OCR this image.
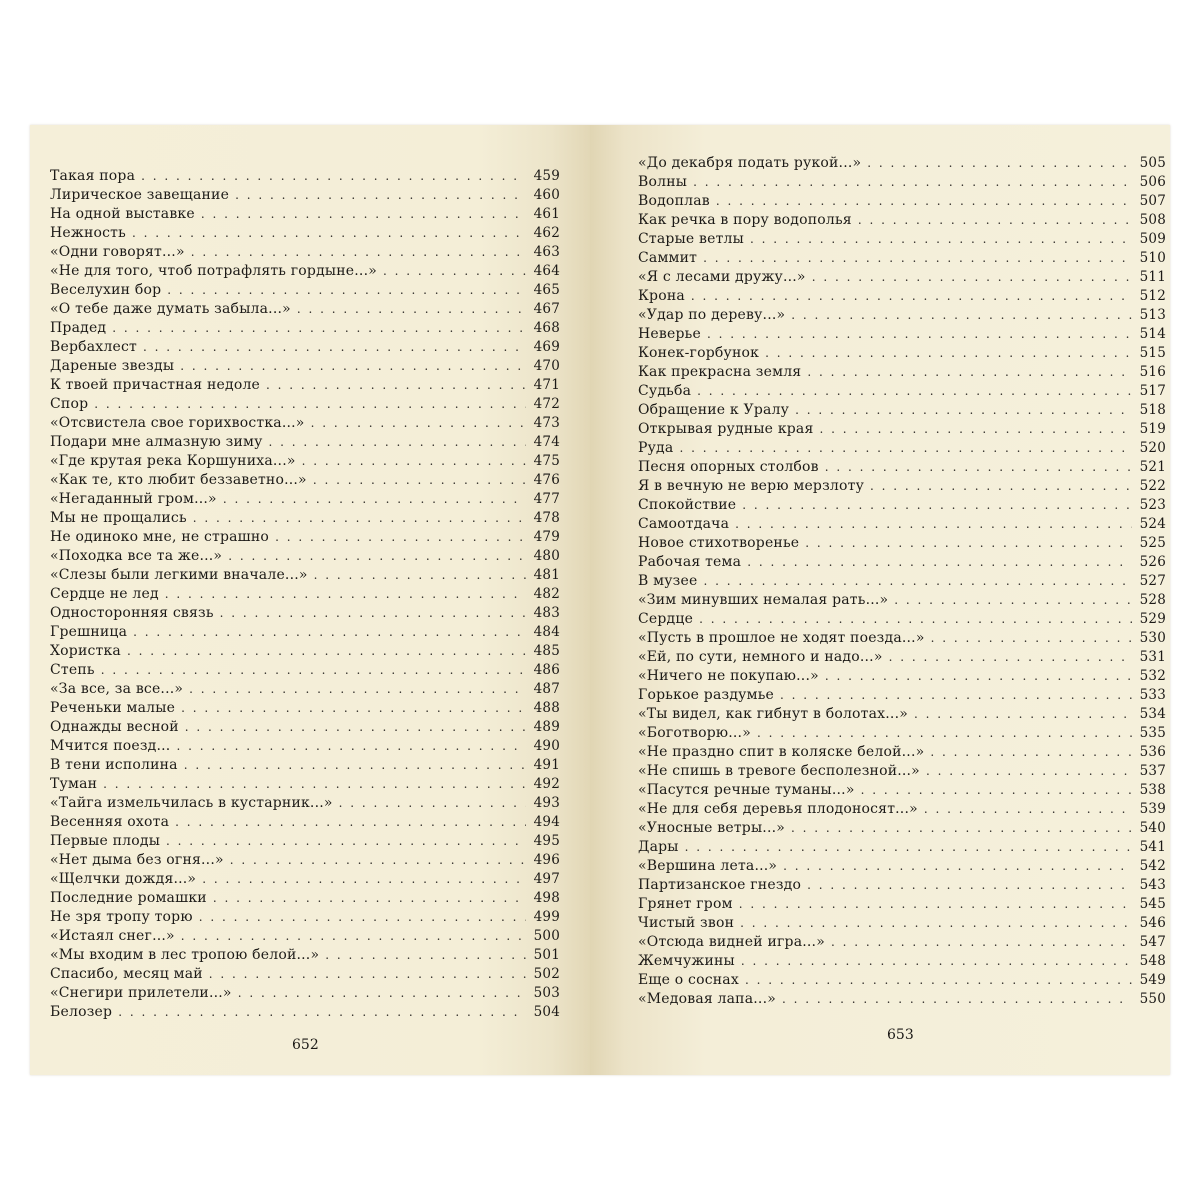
Такая пора . . .	459
Лирическое завещание . . .	460
На одной выставке . . .	461
Нежность . . .	462
«Одни говорят...» . . .	463
«Не для того, чтоб потрафлять гордыне...» . . .	464
Веселухин бор . . .	465
«О тебе даже думать забыла...» . . .	467
Прадед . . .	468
Вербахлест . . .	469
Дареные звезды . . .	470
К твоей причастная недоле . . .	471
Спор . . .	472
«Отсвистела свое горихвостка...» . . .	473
Подари мне алмазную зиму . . .	474
«Где крутая река Коршуниха...» . . .	475
«Как те, кто любит беззаветно...» . . .	476
«Негаданный гром...» . . .	477
Мы не прощались . . .	478
Не одиноко мне, не страшно . . .	479
«Походка все та же...» . . .	480
«Слезы были легкими вначале...» . . .	481
Сердце не лед . . .	482
Односторонняя связь . . .	483
Грешница . . .	484
Хористка . . .	485
Степь . . .	486
«За все, за все...» . . .	487
Реченьки малые . . .	488
Однажды весной . . .	489
Мчится поезд... . . .	490
В тени исполина . . .	491
Туман . . .	492
«Тайга измельчилась в кустарник...» . . .	493
Весенняя охота . . .	494
Первые плоды . . .	495
«Нет дыма без огня...» . . .	496
«Щелчки дождя...» . . .	497
Последние ромашки . . .	498
Не зря тропу торю . . .	499
«Истаял снег...» . . .	500
«Мы входим в лес тропою белой...» . . .	501
Спасибо, месяц май . . .	502
«Снегири прилетели...» . . .	503
Белозер . . .	504
652
«До декабря подать рукой...» . . .	505
Волны . . .	506
Водоплав . . .	507
Как речка в пору водополья . . .	508
Старые ветлы . . .	509
Саммит . . .	510
«Я с лесами дружу...» . . .	511
Крона . . .	512
«Удар по дереву...» . . .	513
Неверье . . .	514
Конек-горбунок . . .	515
Как прекрасна земля . . .	516
Судьба . . .	517
Обращение к Уралу . . .	518
Открывая рудные края . . .	519
Руда . . .	520
Песня опорных столбов . . .	521
Я в вечную не верю мерзлоту . . .	522
Спокойствие . . .	523
Самоотдача . . .	524
Новое стихотворенье . . .	525
Рабочая тема . . .	526
В музее . . .	527
«Зим минувших немалая рать...» . . .	528
Сердце . . .	529
«Пусть в прошлое не ходят поезда...» . . .	530
«Ей, по сути, немного и надо...» . . .	531
«Ничего не покупаю...» . . .	532
Горькое раздумье . . .	533
«Ты видел, как гибнут в болотах...» . . .	534
«Боготворю...» . . .	535
«Не праздно спит в коляске белой...» . . .	536
«Не спишь в тревоге бесполезной...» . . .	537
«Пасутся речные туманы...» . . .	538
«Не для себя деревья плодоносят...» . . .	539
«Уносные ветры...» . . .	540
Дары . . .	541
«Вершина лета...» . . .	542
Партизанское гнездо . . .	543
Грянет гром . . .	545
Чистый звон . . .	546
«Отсюда видней игра...» . . .	547
Жемчужины . . .	548
Еще о соснах . . .	549
«Медовая лапа...» . . .	550
653
